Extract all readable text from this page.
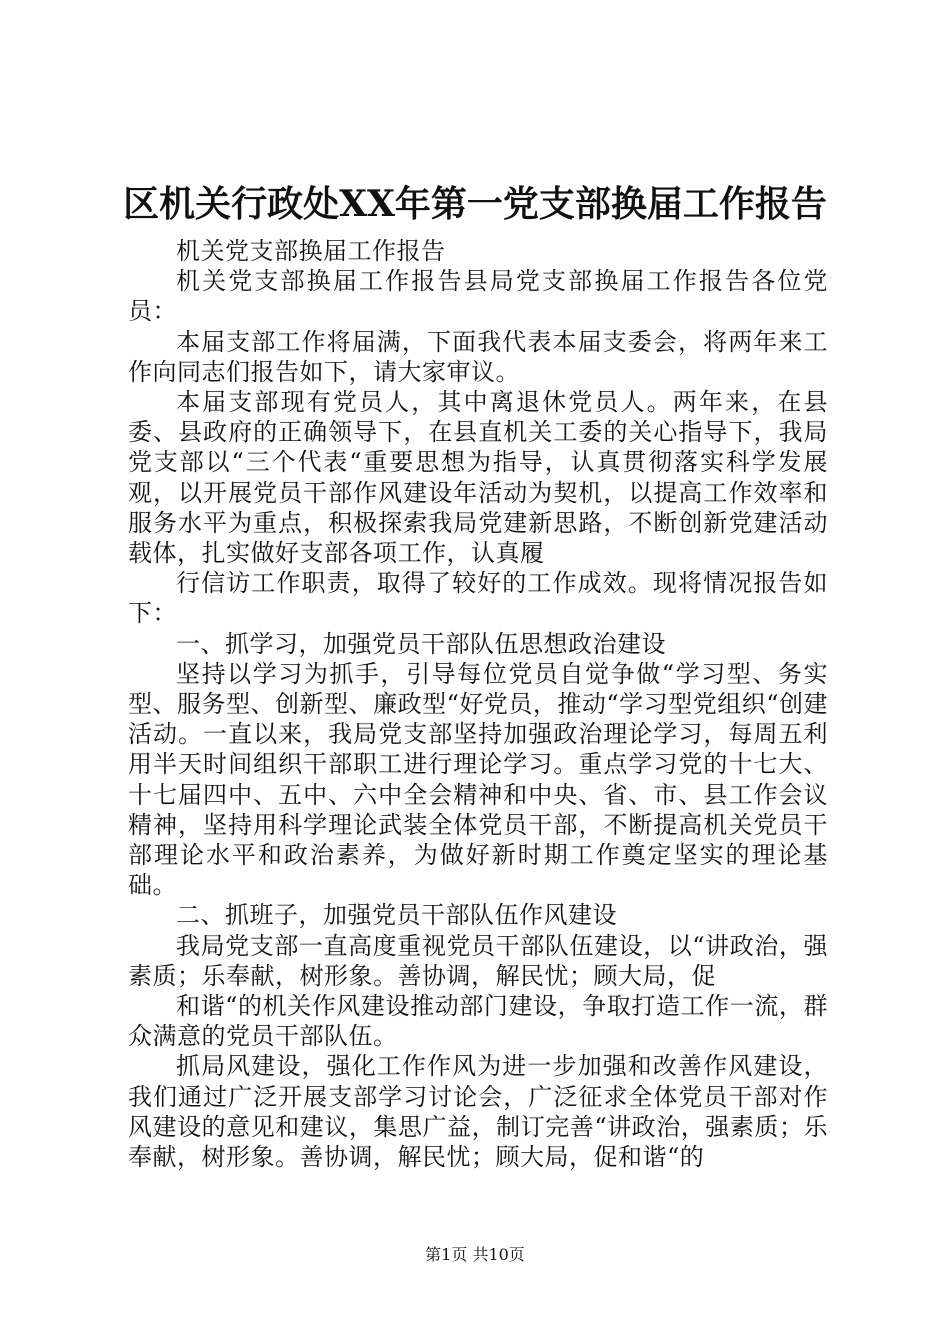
区机关行政处XX年第一党支部换届工作报告

机关党支部换届工作报告

机关党支部换届工作报告县局党支部换届工作报告各位党员：

本届支部工作将届满，下面我代表本届支委会，将两年来工作向同志们报告如下，请大家审议。

本届支部现有党员人，其中离退休党员人。两年来，在县委、县政府的正确领导下，在县直机关工委的关心指导下，我局党支部以“三个代表“重要思想为指导，认真贯彻落实科学发展观，以开展党员干部作风建设年活动为契机，以提高工作效率和服务水平为重点，积极探索我局党建新思路，不断创新党建活动载体，扎实做好支部各项工作，认真履

行信访工作职责，取得了较好的工作成效。现将情况报告如下：

一、抓学习，加强党员干部队伍思想政治建设

坚持以学习为抓手，引导每位党员自觉争做“学习型、务实型、服务型、创新型、廉政型“好党员，推动“学习型党组织“创建活动。一直以来，我局党支部坚持加强政治理论学习，每周五利用半天时间组织干部职工进行理论学习。重点学习党的十七大、十七届四中、五中、六中全会精神和中央、省、市、县工作会议精神，坚持用科学理论武装全体党员干部，不断提高机关党员干部理论水平和政治素养，为做好新时期工作奠定坚实的理论基础。

二、抓班子，加强党员干部队伍作风建设

我局党支部一直高度重视党员干部队伍建设，以“讲政治，强素质；乐奉献，树形象。善协调，解民忧；顾大局，促

和谐“的机关作风建设推动部门建设，争取打造工作一流，群众满意的党员干部队伍。

抓局风建设，强化工作作风为进一步加强和改善作风建设，我们通过广泛开展支部学习讨论会，广泛征求全体党员干部对作风建设的意见和建议，集思广益，制订完善“讲政治，强素质；乐奉献，树形象。善协调，解民忧；顾大局，促和谐“的

第1页 共10页
